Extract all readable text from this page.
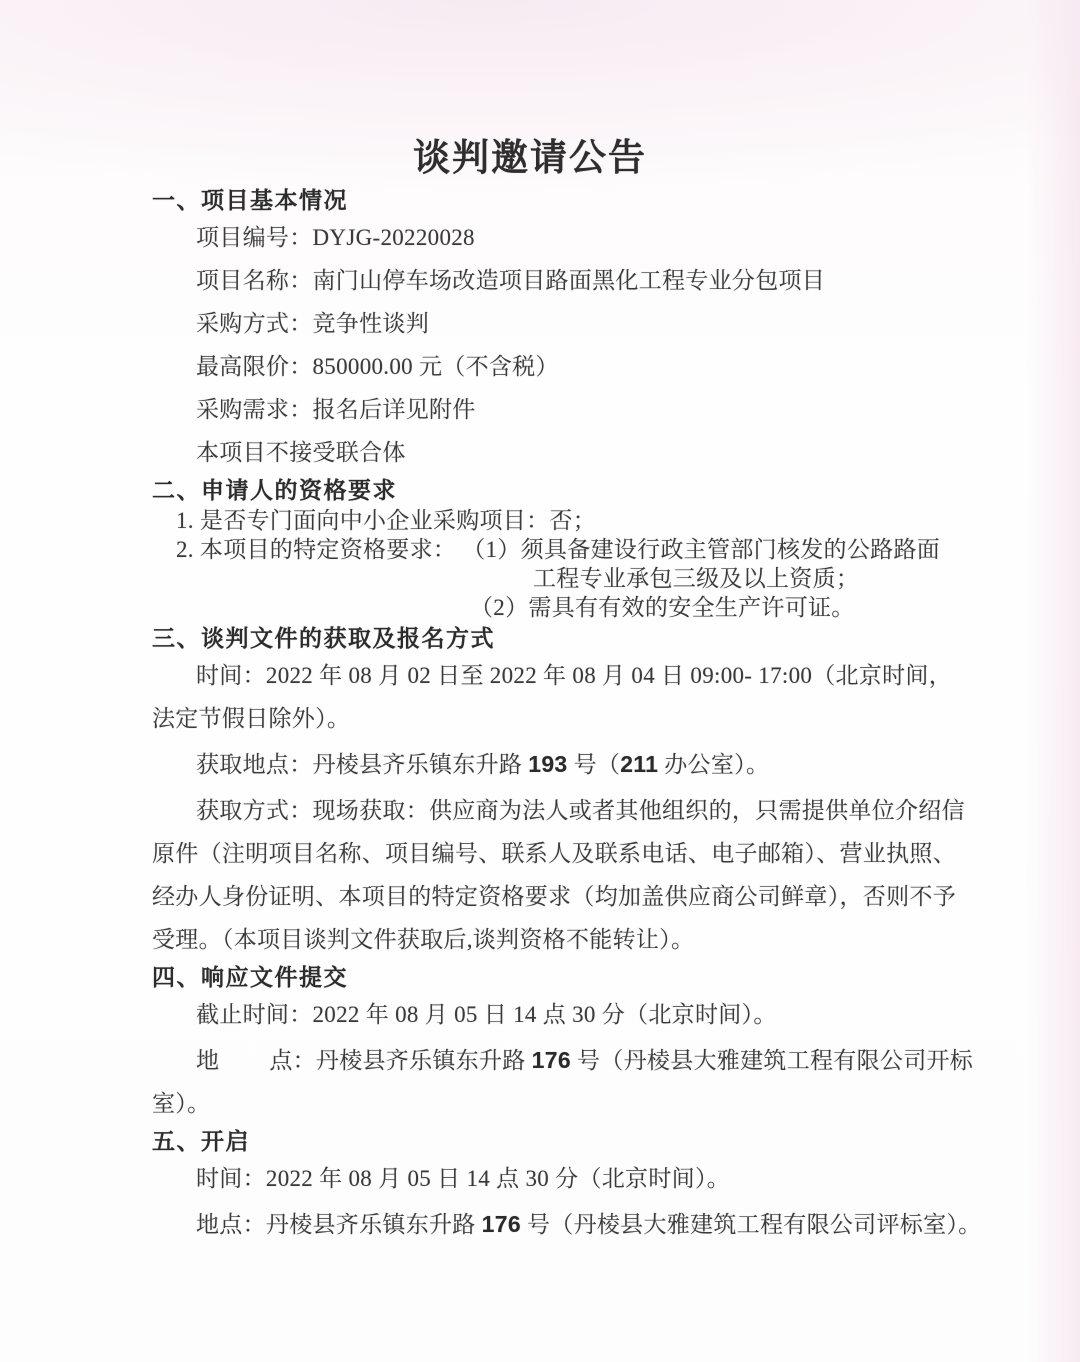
谈判邀请公告
一、项目基本情况

项目编号：DYJG-20220028

项目名称：南门山停车场改造项目路面黑化工程专业分包项目

采购方式：竞争性谈判

最高限价：850000.00 元（不含税）

采购需求：报名后详见附件

本项目不接受联合体

二、申请人的资格要求

1. 是否专门面向中小企业采购项目：否；

2. 本项目的特定资格要求： （1）须具备建设行政主管部门核发的公路路面

工程专业承包三级及以上资质；

（2）需具有有效的安全生产许可证。

三、谈判文件的获取及报名方式

时间：2022 年 08 月 02 日至 2022 年 08 月 04 日 09:00- 17:00（北京时间，

法定节假日除外）。

获取地点：丹棱县齐乐镇东升路 193 号（211 办公室）。

获取方式：现场获取：供应商为法人或者其他组织的，只需提供单位介绍信

原件（注明项目名称、项目编号、联系人及联系电话、电子邮箱）、营业执照、

经办人身份证明、本项目的特定资格要求（均加盖供应商公司鲜章），否则不予

受理。（本项目谈判文件获取后,谈判资格不能转让）。

四、响应文件提交

截止时间：2022 年 08 月 05 日 14 点 30 分（北京时间）。

地 点：丹棱县齐乐镇东升路 176 号（丹棱县大雅建筑工程有限公司开标

室）。

五、开启

时间：2022 年 08 月 05 日 14 点 30 分（北京时间）。

地点：丹棱县齐乐镇东升路 176 号（丹棱县大雅建筑工程有限公司评标室）。
